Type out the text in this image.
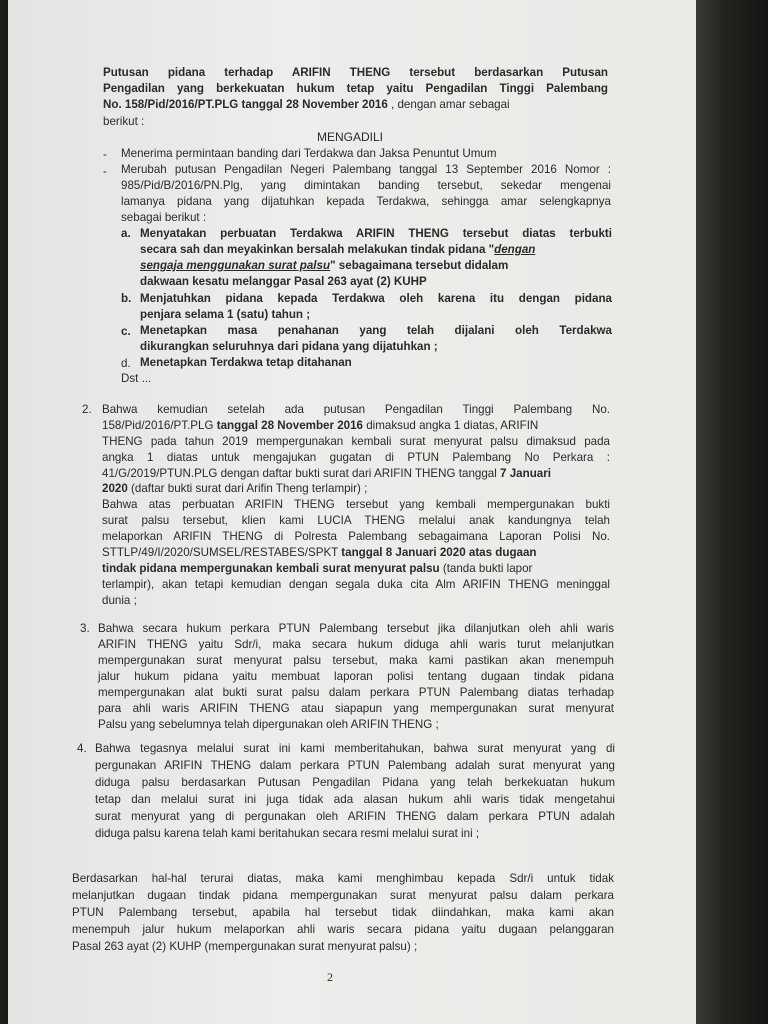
Putusan pidana terhadap ARIFIN THENG tersebut berdasarkan Putusan
Pengadilan yang berkekuatan hukum tetap yaitu Pengadilan Tinggi Palembang
No. 158/Pid/2016/PT.PLG tanggal 28 November 2016 , dengan amar sebagai
berikut :
MENGADILI
- Menerima permintaan banding dari Terdakwa dan Jaksa Penuntut Umum
- Merubah putusan Pengadilan Negeri Palembang tanggal 13 September 2016 Nomor :
985/Pid/B/2016/PN.Plg, yang dimintakan banding tersebut, sekedar mengenai
lamanya pidana yang dijatuhkan kepada Terdakwa, sehingga amar selengkapnya
sebagai berikut :
a. Menyatakan perbuatan Terdakwa ARIFIN THENG tersebut diatas terbukti
secara sah dan meyakinkan bersalah melakukan tindak pidana "dengan
sengaja menggunakan surat palsu" sebagaimana tersebut didalam
dakwaan kesatu melanggar Pasal 263 ayat (2) KUHP
b. Menjatuhkan pidana kepada Terdakwa oleh karena itu dengan pidana
penjara selama 1 (satu) tahun ;
c. Menetapkan masa penahanan yang telah dijalani oleh Terdakwa
dikurangkan seluruhnya dari pidana yang dijatuhkan ;
d. Menetapkan Terdakwa tetap ditahanan
Dst ...
2. Bahwa kemudian setelah ada putusan Pengadilan Tinggi Palembang No.
158/Pid/2016/PT.PLG tanggal 28 November 2016 dimaksud angka 1 diatas, ARIFIN
THENG pada tahun 2019 mempergunakan kembali surat menyurat palsu dimaksud pada
angka 1 diatas untuk mengajukan gugatan di PTUN Palembang No Perkara :
41/G/2019/PTUN.PLG dengan daftar bukti surat dari ARIFIN THENG tanggal 7 Januari
2020 (daftar bukti surat dari Arifin Theng terlampir) ;
Bahwa atas perbuatan ARIFIN THENG tersebut yang kembali mempergunakan bukti
surat palsu tersebut, klien kami LUCIA THENG melalui anak kandungnya telah
melaporkan ARIFIN THENG di Polresta Palembang sebagaimana Laporan Polisi No.
STTLP/49/I/2020/SUMSEL/RESTABES/SPKT tanggal 8 Januari 2020 atas dugaan
tindak pidana mempergunakan kembali surat menyurat palsu (tanda bukti lapor
terlampir), akan tetapi kemudian dengan segala duka cita Alm ARIFIN THENG meninggal
dunia ;
3. Bahwa secara hukum perkara PTUN Palembang tersebut jika dilanjutkan oleh ahli waris
ARIFIN THENG yaitu Sdr/i, maka secara hukum diduga ahli waris turut melanjutkan
mempergunakan surat menyurat palsu tersebut, maka kami pastikan akan menempuh
jalur hukum pidana yaitu membuat laporan polisi tentang dugaan tindak pidana
mempergunakan alat bukti surat palsu dalam perkara PTUN Palembang diatas terhadap
para ahli waris ARIFIN THENG atau siapapun yang mempergunakan surat menyurat
Palsu yang sebelumnya telah dipergunakan oleh ARIFIN THENG ;
4. Bahwa tegasnya melalui surat ini kami memberitahukan, bahwa surat menyurat yang di
pergunakan ARIFIN THENG dalam perkara PTUN Palembang adalah surat menyurat yang
diduga palsu berdasarkan Putusan Pengadilan Pidana yang telah berkekuatan hukum
tetap dan melalui surat ini juga tidak ada alasan hukum ahli waris tidak mengetahui
surat menyurat yang di pergunakan oleh ARIFIN THENG dalam perkara PTUN adalah
diduga palsu karena telah kami beritahukan secara resmi melalui surat ini ;
Berdasarkan hal-hal terurai diatas, maka kami menghimbau kepada Sdr/i untuk tidak
melanjutkan dugaan tindak pidana mempergunakan surat menyurat palsu dalam perkara
PTUN Palembang tersebut, apabila hal tersebut tidak diindahkan, maka kami akan
menempuh jalur hukum melaporkan ahli waris secara pidana yaitu dugaan pelanggaran
Pasal 263 ayat (2) KUHP (mempergunakan surat menyurat palsu) ;
2
